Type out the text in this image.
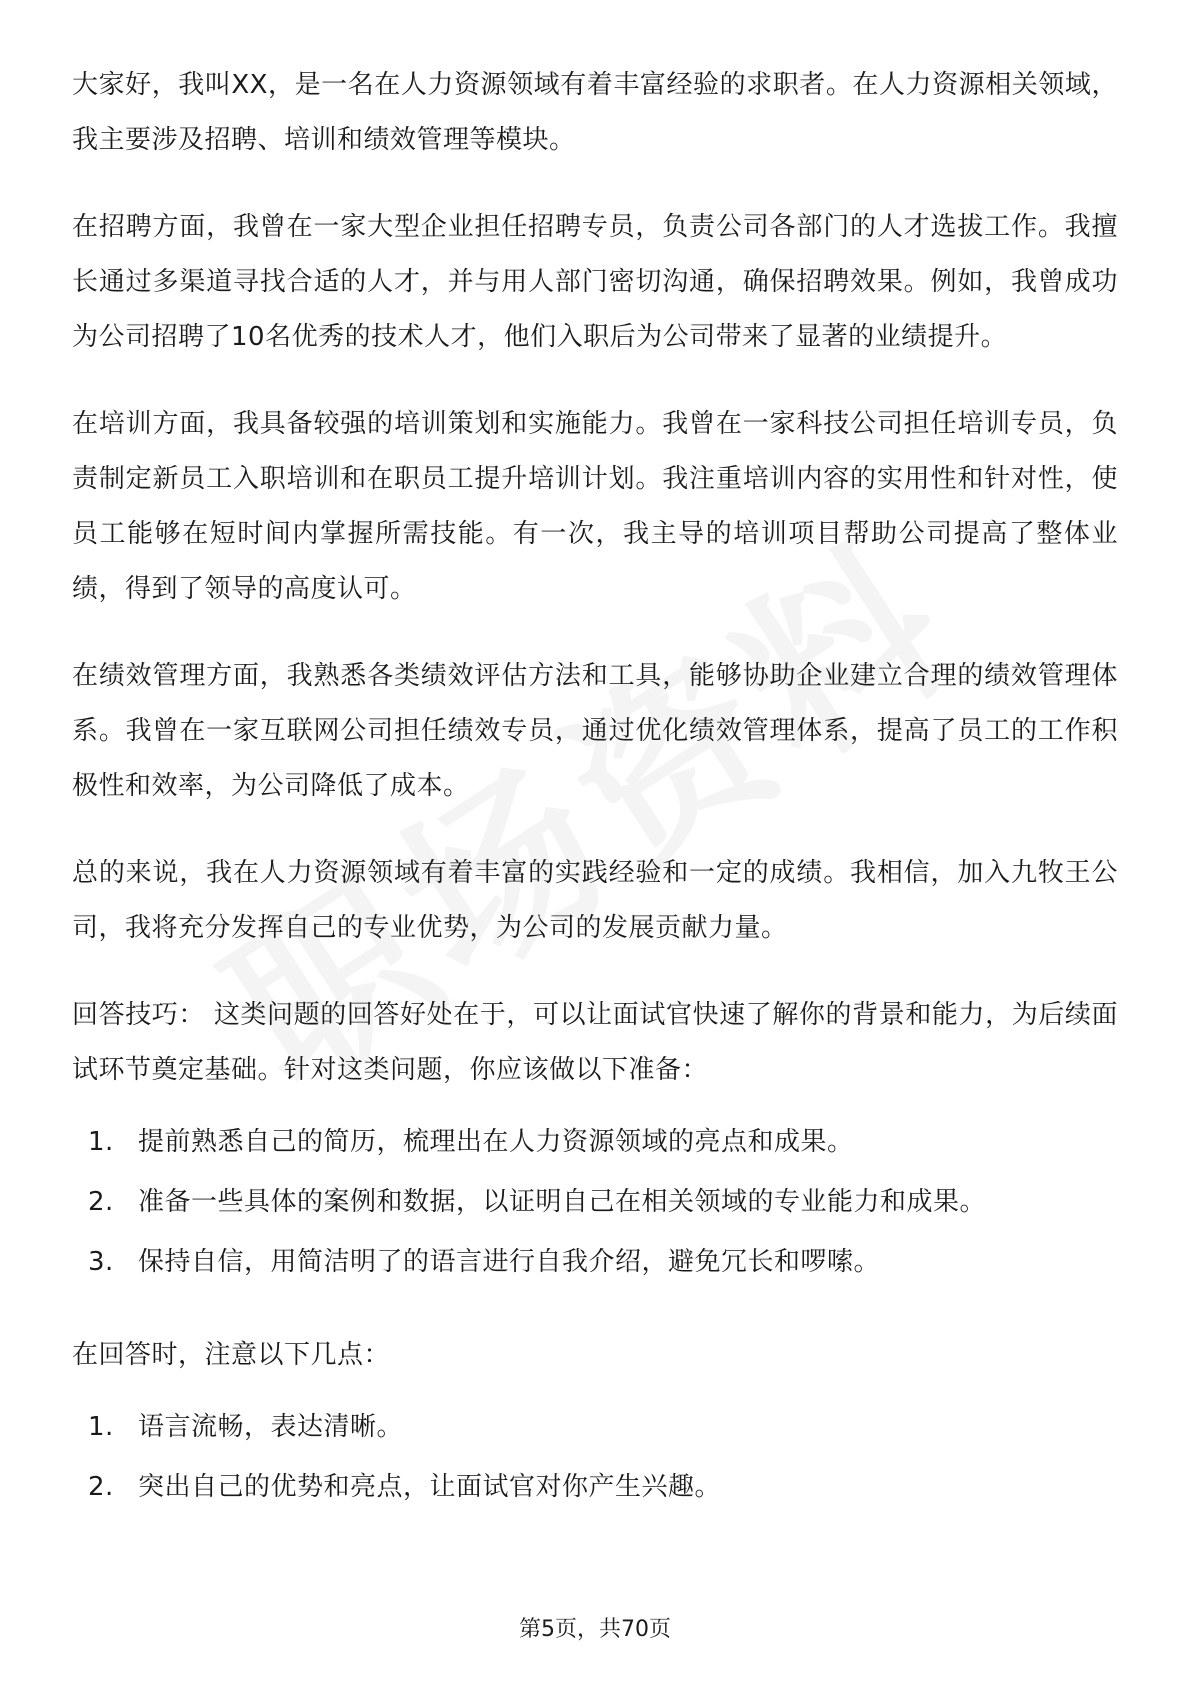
大家好，我叫XX，是一名在人力资源领域有着丰富经验的求职者。在人力资源相关领域，我主要涉及招聘、培训和绩效管理等模块。

在招聘方面，我曾在一家大型企业担任招聘专员，负责公司各部门的人才选拔工作。我擅长通过多渠道寻找合适的人才，并与用人部门密切沟通，确保招聘效果。例如，我曾成功为公司招聘了10名优秀的技术人才，他们入职后为公司带来了显著的业绩提升。

在培训方面，我具备较强的培训策划和实施能力。我曾在一家科技公司担任培训专员，负责制定新员工入职培训和在职员工提升培训计划。我注重培训内容的实用性和针对性，使员工能够在短时间内掌握所需技能。有一次，我主导的培训项目帮助公司提高了整体业绩，得到了领导的高度认可。

在绩效管理方面，我熟悉各类绩效评估方法和工具，能够协助企业建立合理的绩效管理体系。我曾在一家互联网公司担任绩效专员，通过优化绩效管理体系，提高了员工的工作积极性和效率，为公司降低了成本。

总的来说，我在人力资源领域有着丰富的实践经验和一定的成绩。我相信，加入九牧王公司，我将充分发挥自己的专业优势，为公司的发展贡献力量。

回答技巧： 这类问题的回答好处在于，可以让面试官快速了解你的背景和能力，为后续面试环节奠定基础。针对这类问题，你应该做以下准备：

1. 提前熟悉自己的简历，梳理出在人力资源领域的亮点和成果。
2. 准备一些具体的案例和数据，以证明自己在相关领域的专业能力和成果。
3. 保持自信，用简洁明了的语言进行自我介绍，避免冗长和啰嗦。

在回答时，注意以下几点：

1. 语言流畅，表达清晰。
2. 突出自己的优势和亮点，让面试官对你产生兴趣。
第5页，共70页
